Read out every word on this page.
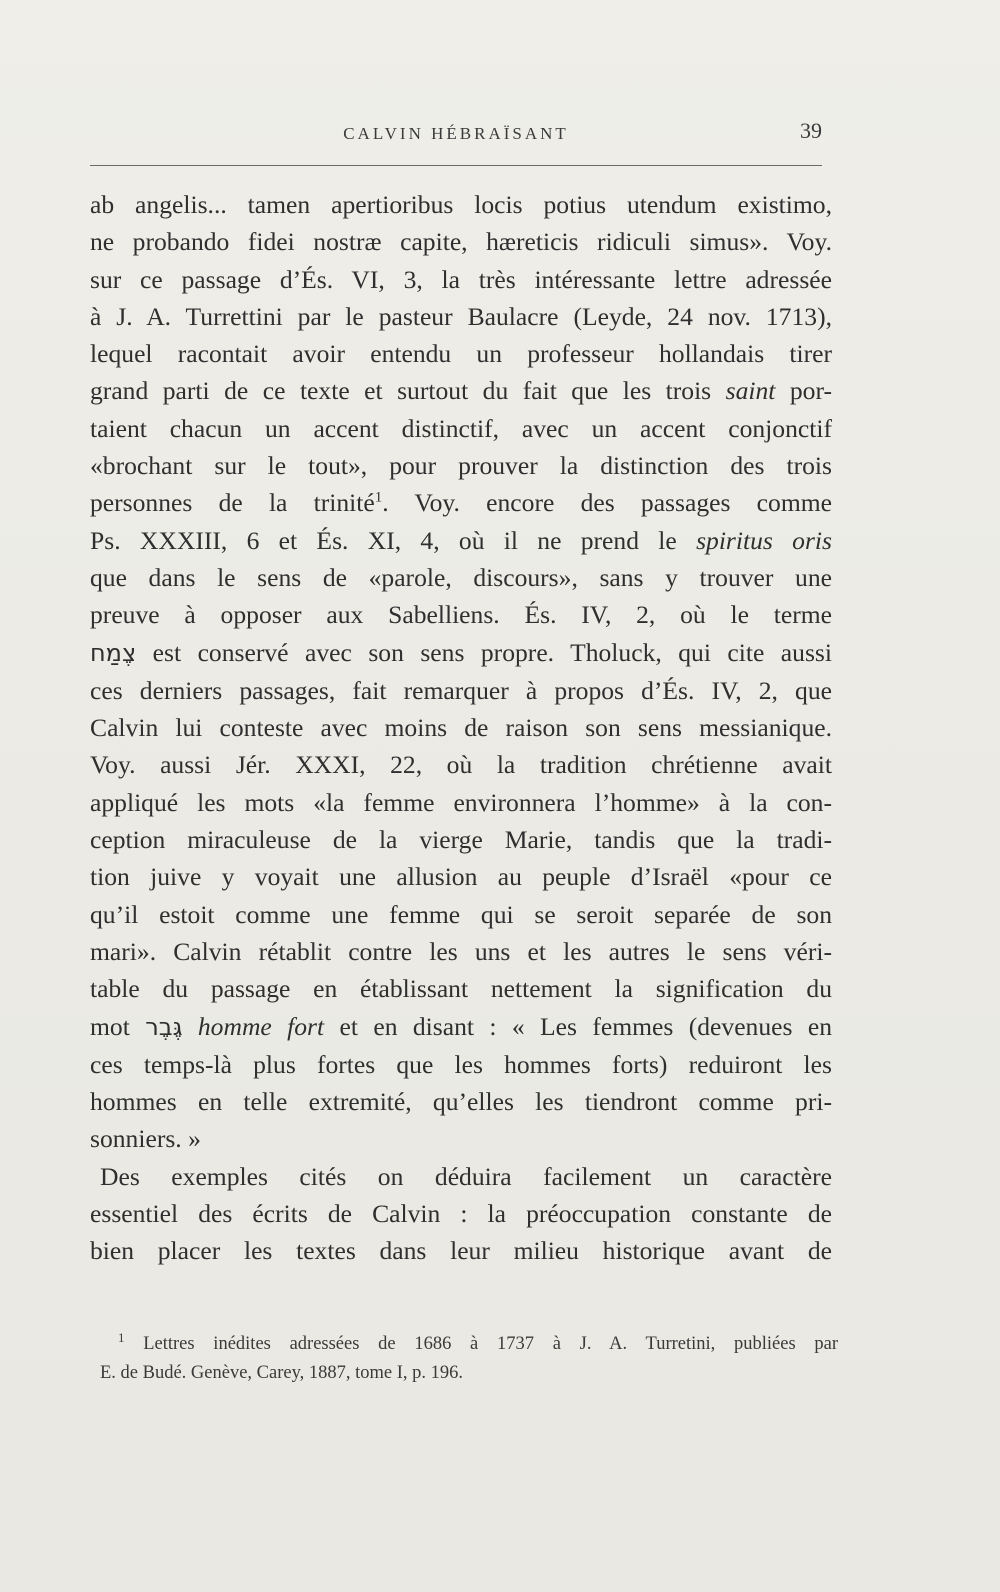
CALVIN HÉBRAÏSANT	39
ab angelis... tamen apertioribus locis potius utendum existimo,
ne probando fidei nostræ capite, hæreticis ridiculi simus». Voy.
sur ce passage d’És. VI, 3, la très intéressante lettre adressée
à J. A. Turrettini par le pasteur Baulacre (Leyde, 24 nov. 1713),
lequel racontait avoir entendu un professeur hollandais tirer
grand parti de ce texte et surtout du fait que les trois saint por-
taient chacun un accent distinctif, avec un accent conjonctif
«brochant sur le tout», pour prouver la distinction des trois
personnes de la trinité$^1$. Voy. encore des passages comme
Ps. XXXIII, 6 et És. XI, 4, où il ne prend le spiritus oris
que dans le sens de «parole, discours», sans y trouver une
preuve à opposer aux Sabelliens. És. IV, 2, où le terme
צֶמַח est conservé avec son sens propre. Tholuck, qui cite aussi
ces derniers passages, fait remarquer à propos d’És. IV, 2, que
Calvin lui conteste avec moins de raison son sens messianique.
Voy. aussi Jér. XXXI, 22, où la tradition chrétienne avait
appliqué les mots «la femme environnera l’homme» à la con-
ception miraculeuse de la vierge Marie, tandis que la tradi-
tion juive y voyait une allusion au peuple d’Israël «pour ce
qu’il estoit comme une femme qui se seroit separée de son
mari». Calvin rétablit contre les uns et les autres le sens véri-
table du passage en établissant nettement la signification du
mot גֶּבֶר homme fort et en disant : « Les femmes (devenues en
ces temps-là plus fortes que les hommes forts) reduiront les
hommes en telle extremité, qu’elles les tiendront comme pri-
sonniers. »
Des exemples cités on déduira facilement un caractère
essentiel des écrits de Calvin : la préoccupation constante de
bien placer les textes dans leur milieu historique avant de
$^1$ Lettres inédites adressées de 1686 à 1737 à J. A. Turretini, publiées par
E. de Budé. Genève, Carey, 1887, tome I, p. 196.
